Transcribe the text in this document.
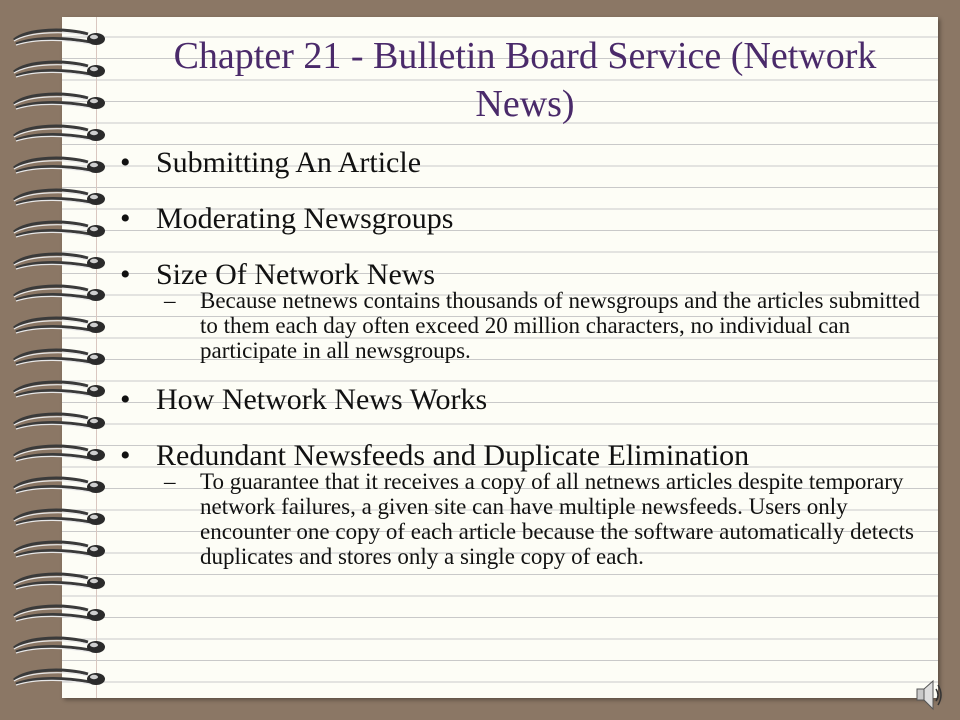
Chapter 21 - Bulletin Board Service (Network News)

• Submitting An Article

• Moderating Newsgroups

• Size Of Network News

– Because netnews contains thousands of newsgroups and the articles submitted to them each day often exceed 20 million characters, no individual can participate in all newsgroups.

• How Network News Works

• Redundant Newsfeeds and Duplicate Elimination

– To guarantee that it receives a copy of all netnews articles despite temporary network failures, a given site can have multiple newsfeeds. Users only encounter one copy of each article because the software automatically detects duplicates and stores only a single copy of each.
